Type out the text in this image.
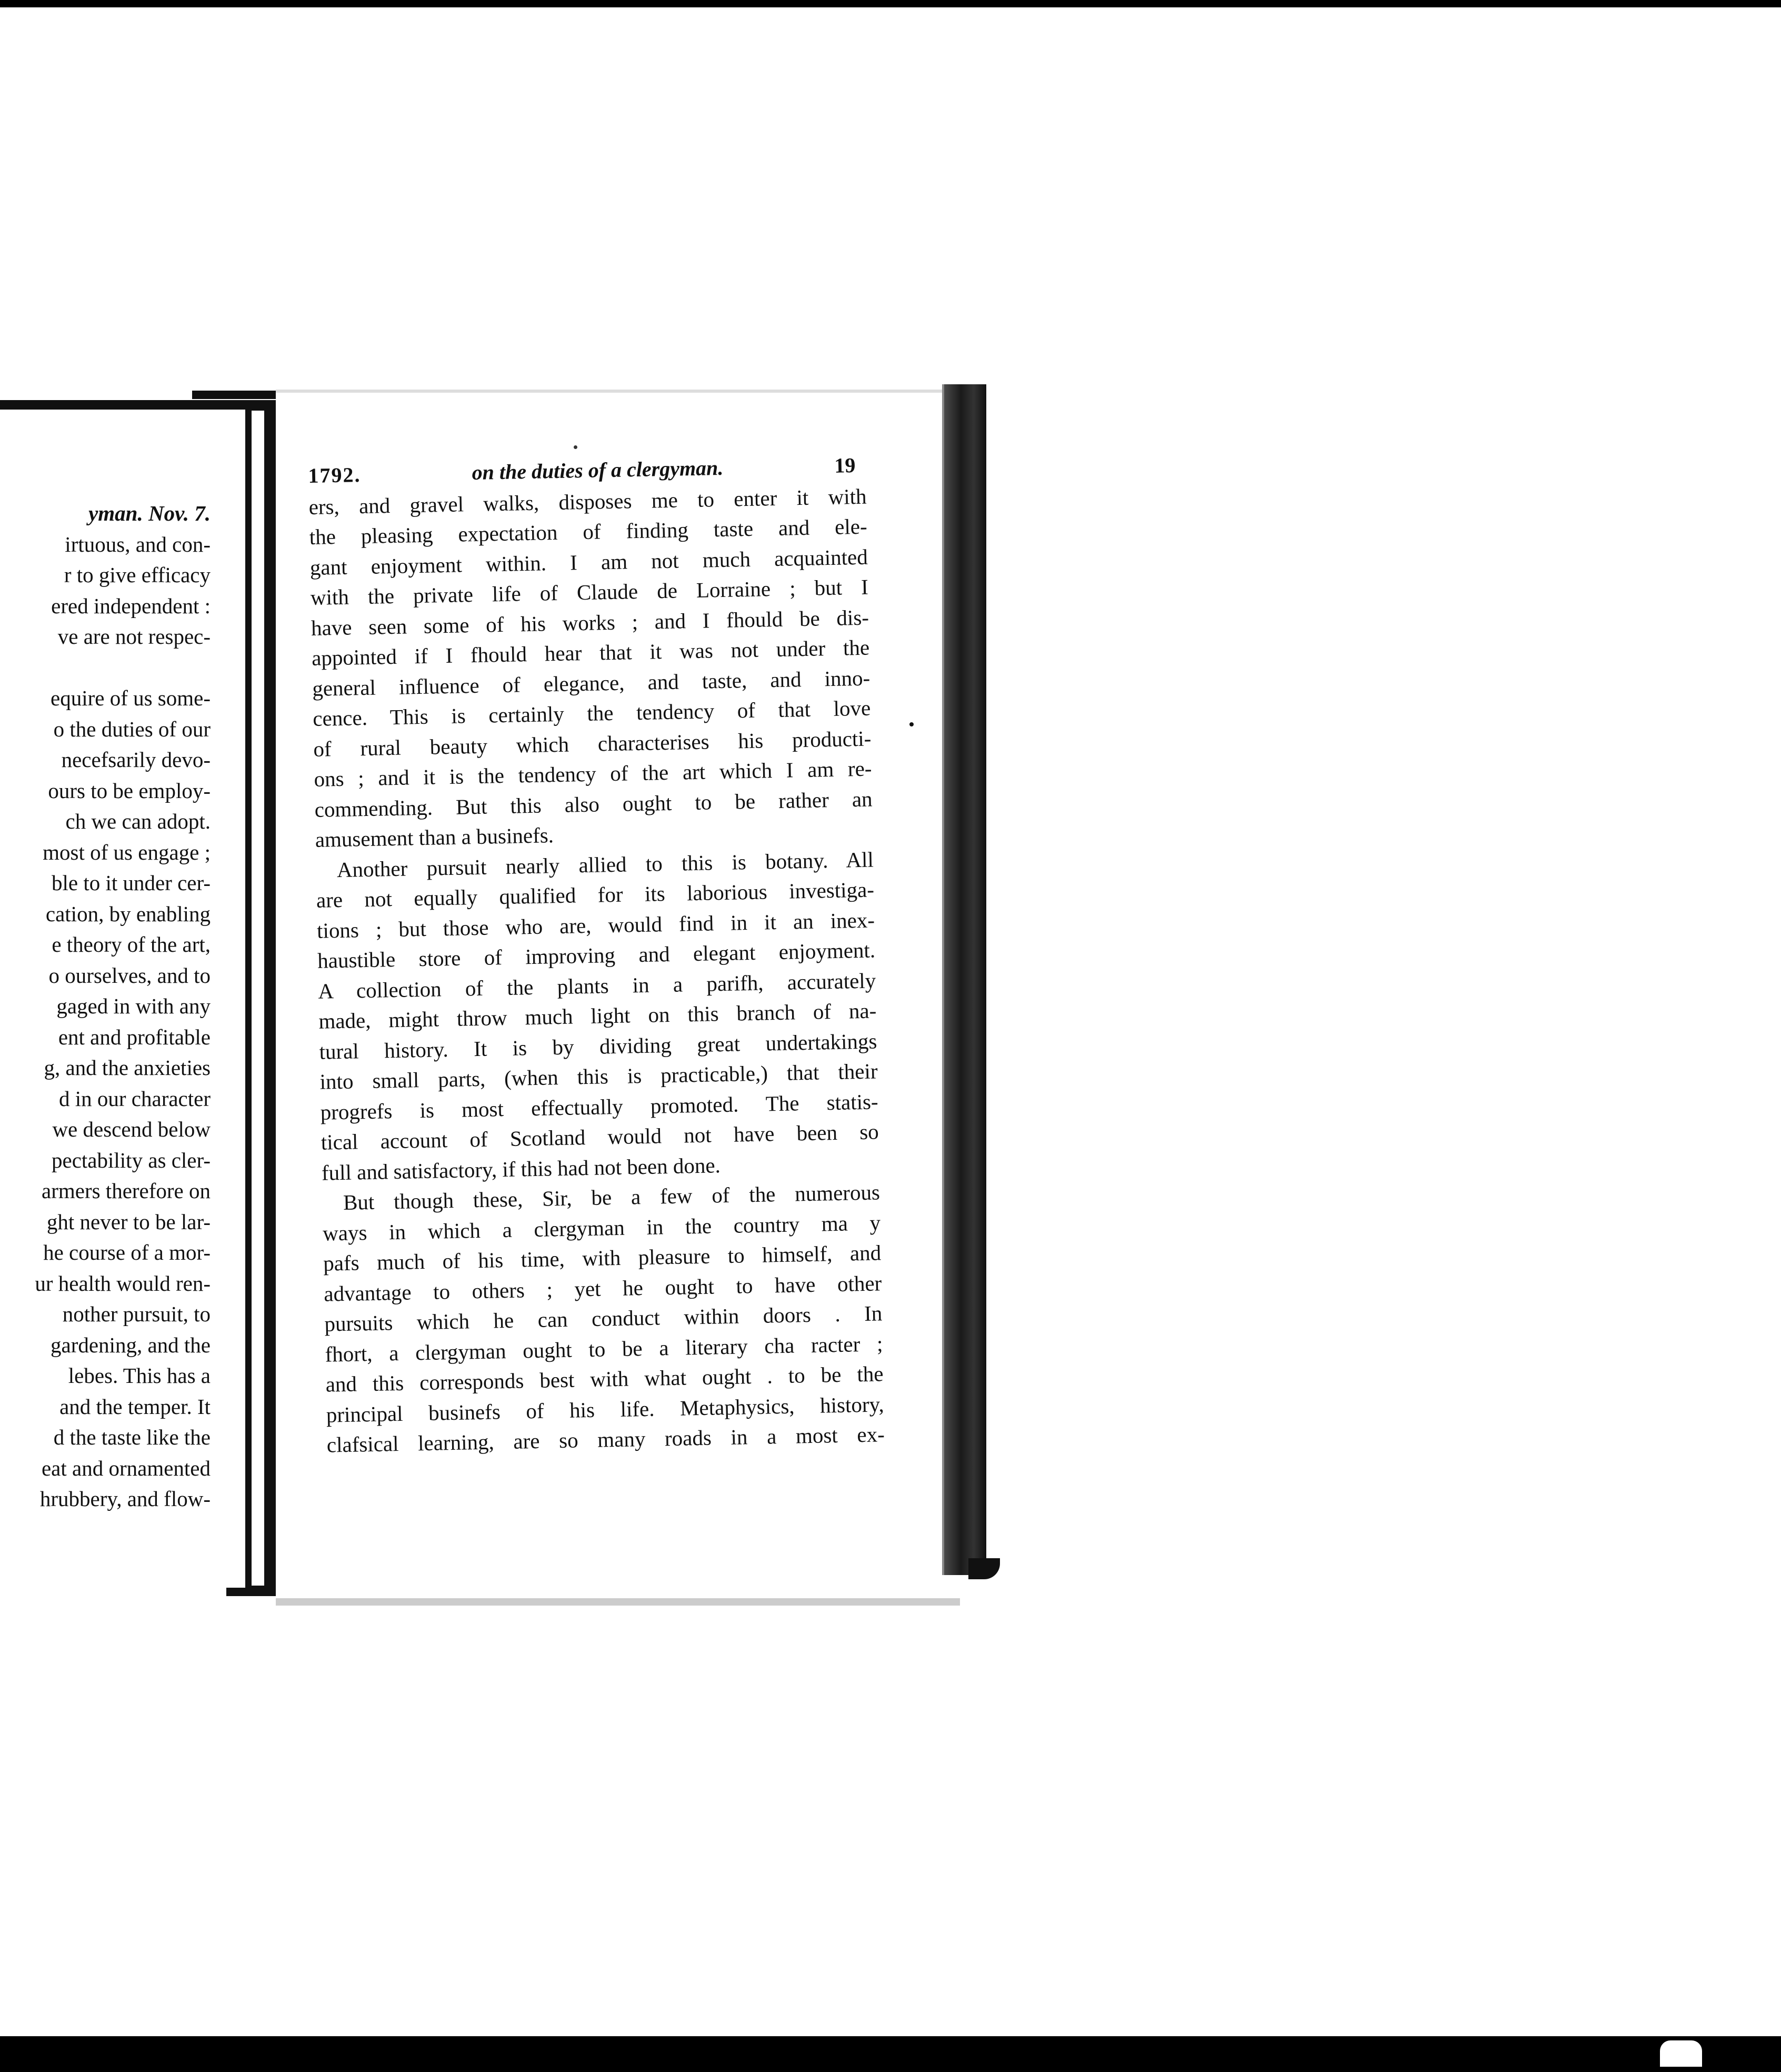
yman. Nov. 7.
irtuous, and con-
r to give efficacy
ered independent :
ve are not respec-

equire of us some-
o the duties of our
necefsarily devo-
ours to be employ-
ch we can adopt.
most of us engage ;
ble to it under cer-
cation, by enabling
e theory of the art,
o ourselves, and to
gaged in with any
ent and profitable
g, and the anxieties
d in our character
we descend below
pectability as cler-
armers therefore on
ght never to be lar-
he course of a mor-
ur health would ren-
nother pursuit, to
gardening, and the
lebes. This has a
and the temper. It
d the taste like the
eat and ornamented
hrubbery, and flow-
1792.	on the duties of a clergyman.	19
ers, and gravel walks, disposes me to enter it with
the pleasing expectation of finding taste and ele-
gant enjoyment within. I am not much acquainted
with the private life of Claude de Lorraine ; but I
have seen some of his works ; and I fhould be dis-
appointed if I fhould hear that it was not under the
general influence of elegance, and taste, and inno-
cence. This is certainly the tendency of that love
of rural beauty which characterises his producti-
ons ; and it is the tendency of the art which I am re-
commending. But this also ought to be rather an
amusement than a businefs.
Another pursuit nearly allied to this is botany. All
are not equally qualified for its laborious investiga-
tions ; but those who are, would find in it an inex-
haustible store of improving and elegant enjoyment.
A collection of the plants in a parifh, accurately
made, might throw much light on this branch of na-
tural history. It is by dividing great undertakings
into small parts, (when this is practicable,) that their
progrefs is most effectually promoted. The statis-
tical account of Scotland would not have been so
full and satisfactory, if this had not been done.
But though these, Sir, be a few of the numerous
ways in which a clergyman in the country ma y
pafs much of his time, with pleasure to himself, and
advantage to others ; yet he ought to have other
pursuits which he can conduct within doors . In
fhort, a clergyman ought to be a literary cha racter ;
and this corresponds best with what ought . to be the
principal businefs of his life. Metaphysics, history,
clafsical learning, are so many roads in a most ex-
